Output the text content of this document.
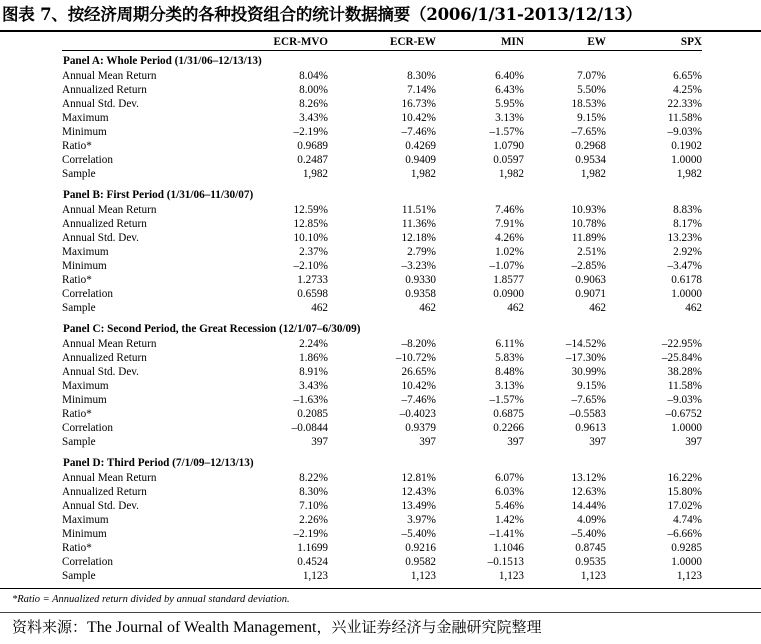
图表 7、按经济周期分类的各种投资组合的统计数据摘要（2006/1/31-2013/12/13）
	ECR-MVO	ECR-EW	MIN	EW	SPX
Panel A: Whole Period (1/31/06–12/13/13)					
Annual Mean Return	8.04%	8.30%	6.40%	7.07%	6.65%
Annualized Return	8.00%	7.14%	6.43%	5.50%	4.25%
Annual Std. Dev.	8.26%	16.73%	5.95%	18.53%	22.33%
Maximum	3.43%	10.42%	3.13%	9.15%	11.58%
Minimum	–2.19%	–7.46%	–1.57%	–7.65%	–9.03%
Ratio*	0.9689	0.4269	1.0790	0.2968	0.1902
Correlation	0.2487	0.9409	0.0597	0.9534	1.0000
Sample	1,982	1,982	1,982	1,982	1,982

Panel B: First Period (1/31/06–11/30/07)					
Annual Mean Return	12.59%	11.51%	7.46%	10.93%	8.83%
Annualized Return	12.85%	11.36%	7.91%	10.78%	8.17%
Annual Std. Dev.	10.10%	12.18%	4.26%	11.89%	13.23%
Maximum	2.37%	2.79%	1.02%	2.51%	2.92%
Minimum	–2.10%	–3.23%	–1.07%	–2.85%	–3.47%
Ratio*	1.2733	0.9330	1.8577	0.9063	0.6178
Correlation	0.6598	0.9358	0.0900	0.9071	1.0000
Sample	462	462	462	462	462

Panel C: Second Period, the Great Recession (12/1/07–6/30/09)					
Annual Mean Return	2.24%	–8.20%	6.11%	–14.52%	–22.95%
Annualized Return	1.86%	–10.72%	5.83%	–17.30%	–25.84%
Annual Std. Dev.	8.91%	26.65%	8.48%	30.99%	38.28%
Maximum	3.43%	10.42%	3.13%	9.15%	11.58%
Minimum	–1.63%	–7.46%	–1.57%	–7.65%	–9.03%
Ratio*	0.2085	–0.4023	0.6875	–0.5583	–0.6752
Correlation	–0.0844	0.9379	0.2266	0.9613	1.0000
Sample	397	397	397	397	397

Panel D: Third Period (7/1/09–12/13/13)					
Annual Mean Return	8.22%	12.81%	6.07%	13.12%	16.22%
Annualized Return	8.30%	12.43%	6.03%	12.63%	15.80%
Annual Std. Dev.	7.10%	13.49%	5.46%	14.44%	17.02%
Maximum	2.26%	3.97%	1.42%	4.09%	4.74%
Minimum	–2.19%	–5.40%	–1.41%	–5.40%	–6.66%
Ratio*	1.1699	0.9216	1.1046	0.8745	0.9285
Correlation	0.4524	0.9582	–0.1513	0.9535	1.0000
Sample	1,123	1,123	1,123	1,123	1,123
*Ratio = Annualized return divided by annual standard deviation.
资料来源：The Journal of Wealth Management，兴业证券经济与金融研究院整理
